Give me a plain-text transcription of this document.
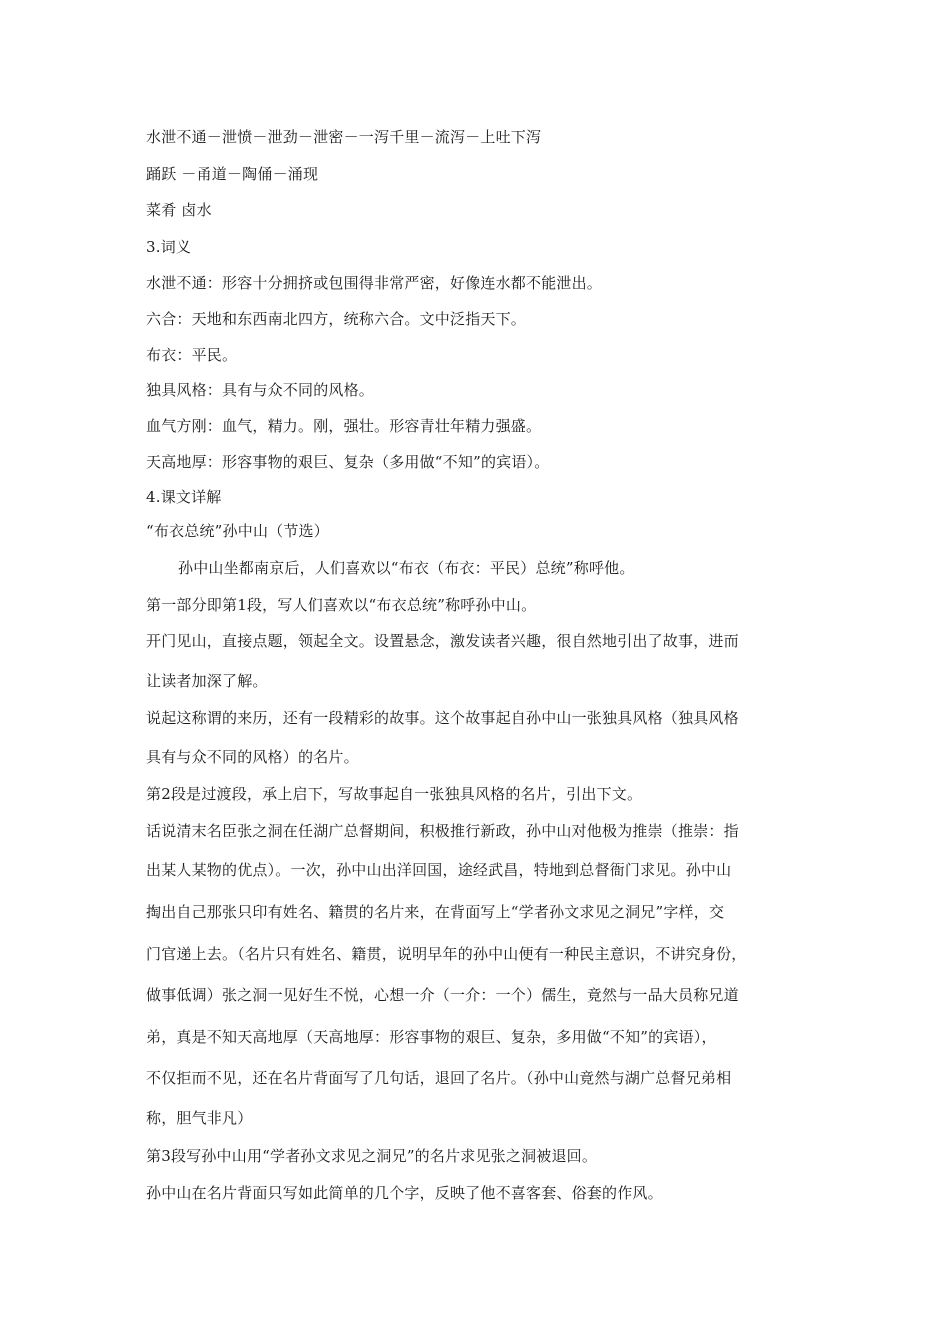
水泄不通－泄愤－泄劲－泄密－一泻千里－流泻－上吐下泻
踊跃 －甬道－陶俑－涌现
菜肴 卤水
3.词义
水泄不通：形容十分拥挤或包围得非常严密，好像连水都不能泄出。
六合：天地和东西南北四方，统称六合。文中泛指天下。
布衣：平民。
独具风格：具有与众不同的风格。
血气方刚：血气，精力。刚，强壮。形容青壮年精力强盛。
天高地厚：形容事物的艰巨、复杂（多用做“不知”的宾语）。
4.课文详解
“布衣总统”孙中山（节选）
孙中山坐都南京后，人们喜欢以“布衣（布衣：平民）总统”称呼他。
第一部分即第1段，写人们喜欢以“布衣总统”称呼孙中山。
开门见山，直接点题，领起全文。设置悬念，激发读者兴趣，很自然地引出了故事，进而
让读者加深了解。
说起这称谓的来历，还有一段精彩的故事。这个故事起自孙中山一张独具风格（独具风格
具有与众不同的风格）的名片。
第2段是过渡段，承上启下，写故事起自一张独具风格的名片，引出下文。
话说清末名臣张之洞在任湖广总督期间，积极推行新政，孙中山对他极为推崇（推崇：指
出某人某物的优点）。一次，孙中山出洋回国，途经武昌，特地到总督衙门求见。孙中山
掏出自己那张只印有姓名、籍贯的名片来，在背面写上“学者孙文求见之洞兄”字样，交
门官递上去。（名片只有姓名、籍贯，说明早年的孙中山便有一种民主意识，不讲究身份，
做事低调）张之洞一见好生不悦，心想一介（一介：一个）儒生，竟然与一品大员称兄道
弟，真是不知天高地厚（天高地厚：形容事物的艰巨、复杂，多用做“不知”的宾语），
不仅拒而不见，还在名片背面写了几句话，退回了名片。（孙中山竟然与湖广总督兄弟相
称，胆气非凡）
第3段写孙中山用“学者孙文求见之洞兄”的名片求见张之洞被退回。
孙中山在名片背面只写如此简单的几个字，反映了他不喜客套、俗套的作风。
